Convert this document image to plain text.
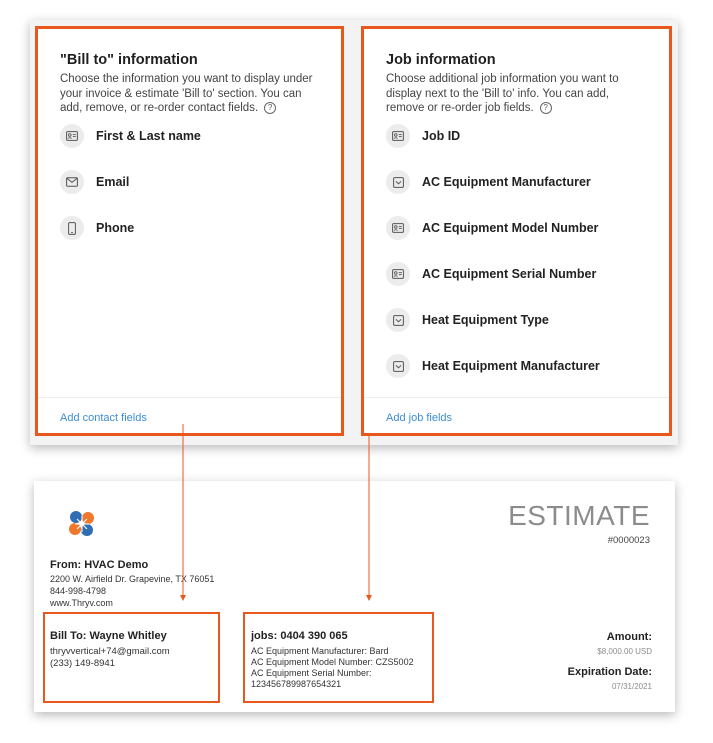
"Bill to" information

Choose the information you want to display under your invoice & estimate 'Bill to' section. You can add, remove, or re-order contact fields. ?

First & Last name
Email
Phone
Add contact fields
Job information

Choose additional job information you want to display next to the 'Bill to' info. You can add, remove or re-order job fields. ?

Job ID
AC Equipment Manufacturer
AC Equipment Model Number
AC Equipment Serial Number
Heat Equipment Type
Heat Equipment Manufacturer
Add job fields
ESTIMATE
#0000023
From: HVAC Demo
2200 W. Airfield Dr. Grapevine, TX 76051
844-998-4798
www.Thryv.com
Bill To: Wayne Whitley
thryvvertical+74@gmail.com
(233) 149-8941
jobs: 0404 390 065
AC Equipment Manufacturer: Bard
AC Equipment Model Number: CZS5002
AC Equipment Serial Number:
123456789987654321
Amount:
$8,000.00 USD
Expiration Date:
07/31/2021
